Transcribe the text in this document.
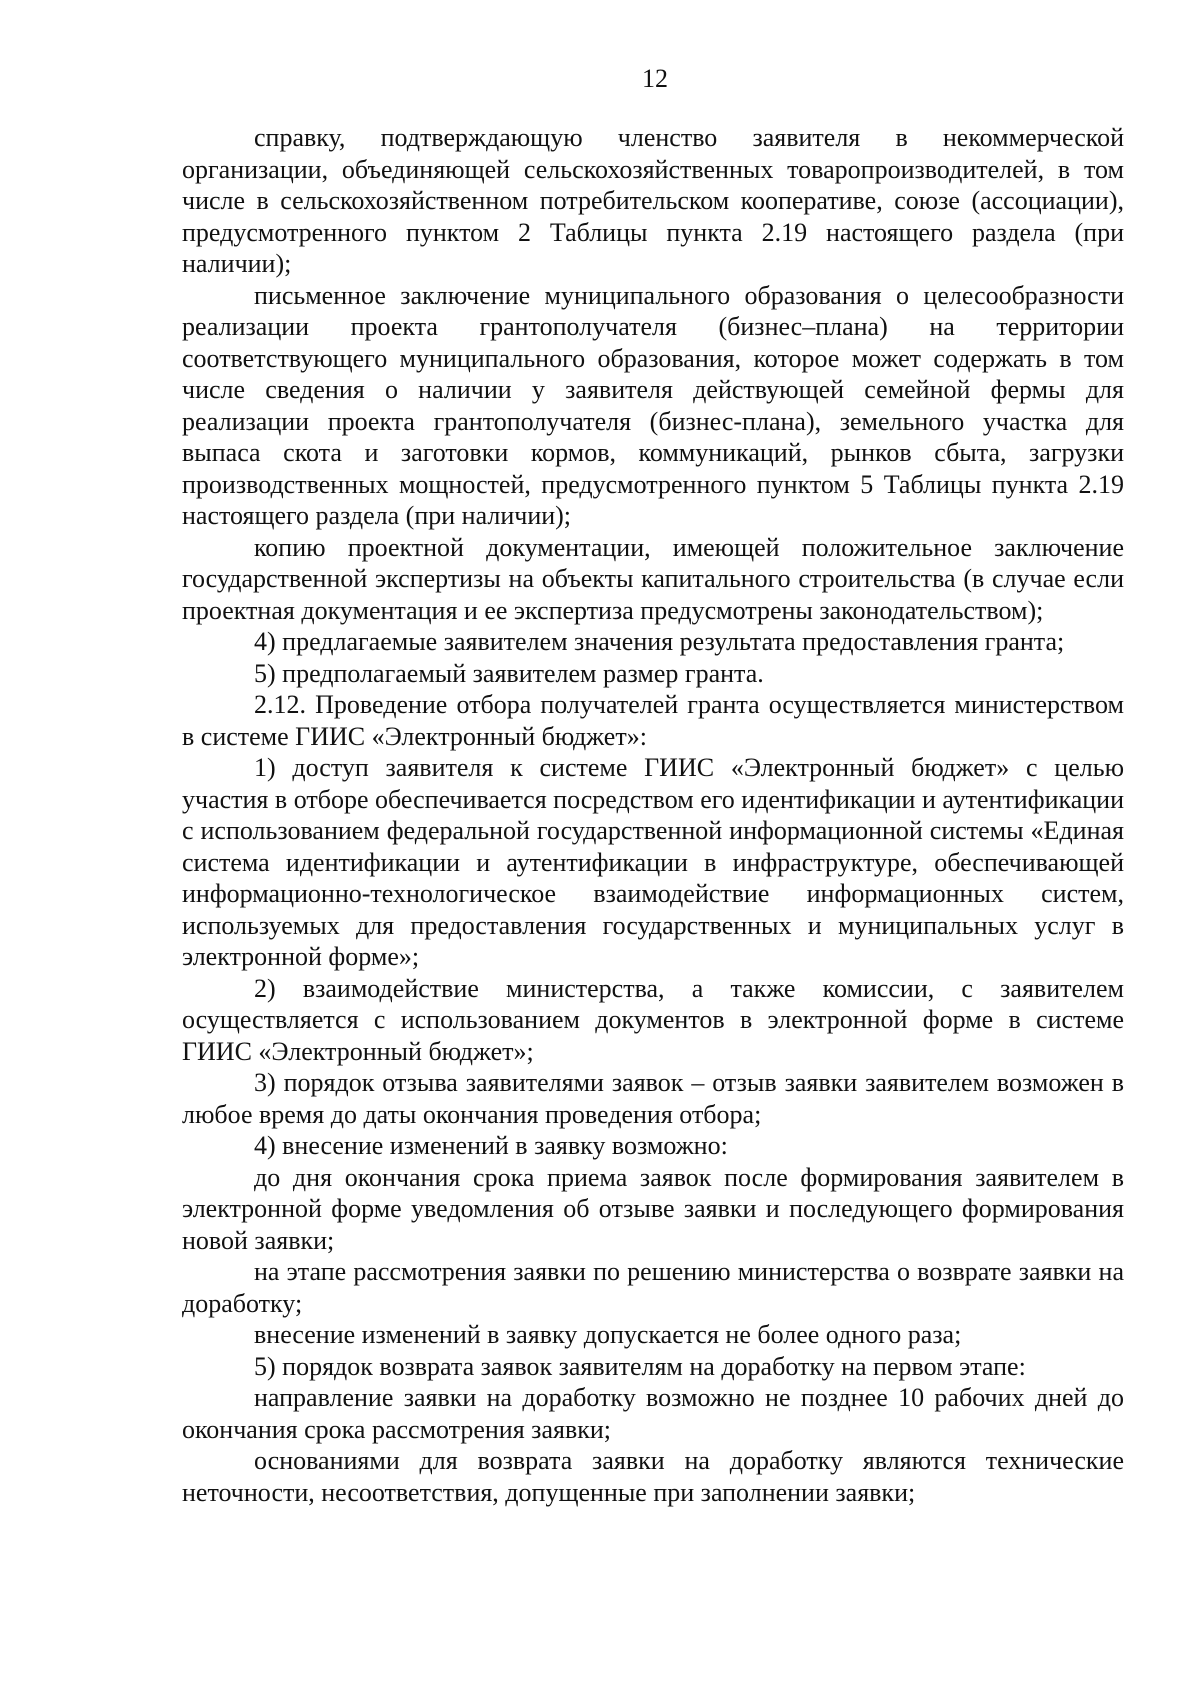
12

справку, подтверждающую членство заявителя в некоммерческой организации, объединяющей сельскохозяйственных товаропроизводителей, в том числе в сельскохозяйственном потребительском кооперативе, союзе (ассоциации), предусмотренного пунктом 2 Таблицы пункта 2.19 настоящего раздела (при наличии);

письменное заключение муниципального образования о целесообразности реализации проекта грантополучателя (бизнес–плана) на территории соответствующего муниципального образования, которое может содержать в том числе сведения о наличии у заявителя действующей семейной фермы для реализации проекта грантополучателя (бизнес-плана), земельного участка для выпаса скота и заготовки кормов, коммуникаций, рынков сбыта, загрузки производственных мощностей, предусмотренного пунктом 5 Таблицы пункта 2.19 настоящего раздела (при наличии);

копию проектной документации, имеющей положительное заключение государственной экспертизы на объекты капитального строительства (в случае если проектная документация и ее экспертиза предусмотрены законодательством);

4) предлагаемые заявителем значения результата предоставления гранта;

5) предполагаемый заявителем размер гранта.

2.12. Проведение отбора получателей гранта осуществляется министерством в системе ГИИС «Электронный бюджет»:

1) доступ заявителя к системе ГИИС «Электронный бюджет» с целью участия в отборе обеспечивается посредством его идентификации и аутентификации с использованием федеральной государственной информационной системы «Единая система идентификации и аутентификации в инфраструктуре, обеспечивающей информационно-технологическое взаимодействие информационных систем, используемых для предоставления государственных и муниципальных услуг в электронной форме»;

2) взаимодействие министерства, а также комиссии, с заявителем осуществляется с использованием документов в электронной форме в системе ГИИС «Электронный бюджет»;

3) порядок отзыва заявителями заявок – отзыв заявки заявителем возможен в любое время до даты окончания проведения отбора;

4) внесение изменений в заявку возможно:

до дня окончания срока приема заявок после формирования заявителем в электронной форме уведомления об отзыве заявки и последующего формирования новой заявки;

на этапе рассмотрения заявки по решению министерства о возврате заявки на доработку;

внесение изменений в заявку допускается не более одного раза;

5) порядок возврата заявок заявителям на доработку на первом этапе:

направление заявки на доработку возможно не позднее 10 рабочих дней до окончания срока рассмотрения заявки;

основаниями для возврата заявки на доработку являются технические неточности, несоответствия, допущенные при заполнении заявки;
